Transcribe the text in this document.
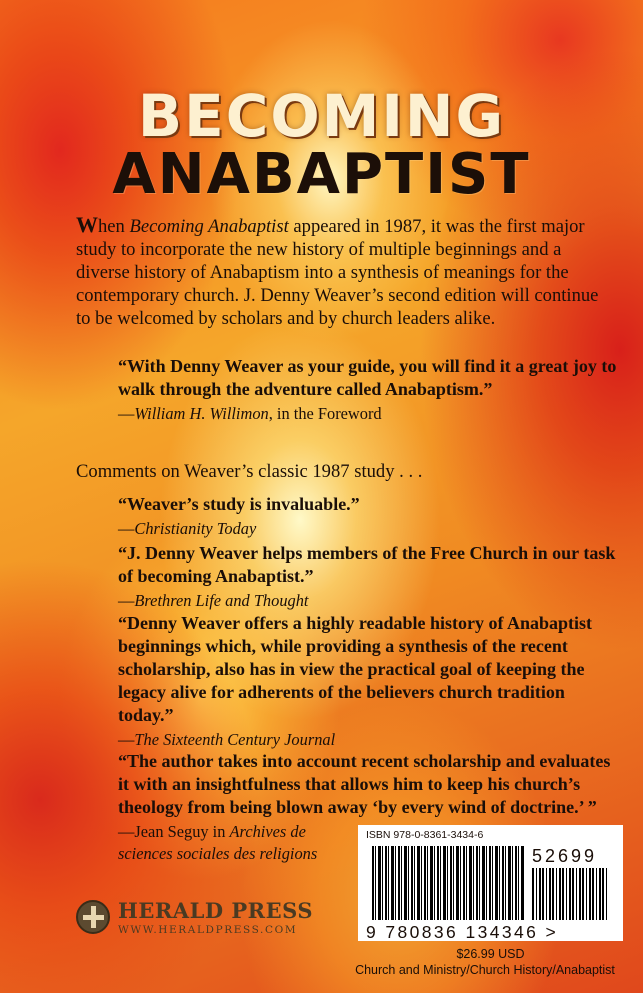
BECOMING
ANABAPTIST

When Becoming Anabaptist appeared in 1987, it was the first major study to incorporate the new history of multiple beginnings and a diverse history of Anabaptism into a synthesis of meanings for the contemporary church. J. Denny Weaver’s second edition will continue to be welcomed by scholars and by church leaders alike.

“With Denny Weaver as your guide, you will find it a great joy to walk through the adventure called Anabaptism.”

—William H. Willimon, in the Foreword

Comments on Weaver’s classic 1987 study . . .

“Weaver’s study is invaluable.”

—Christianity Today

“J. Denny Weaver helps members of the Free Church in our task of becoming Anabaptist.”

—Brethren Life and Thought

“Denny Weaver offers a highly readable history of Anabaptist beginnings which, while providing a synthesis of the recent scholarship, also has in view the practical goal of keeping the legacy alive for adherents of the believers church tradition today.”

—The Sixteenth Century Journal

“The author takes into account recent scholarship and evaluates it with an insightfulness that allows him to keep his church’s theology from being blown away ‘by every wind of doctrine.’ ”

—Jean Seguy in Archives de sciences sociales des religions

ISBN 978-0-8361-3434-6

52699

9 780836 134346 >

$26.99 USD

Church and Ministry/Church History/Anabaptist

HERALD PRESS

WWW.HERALDPRESS.COM
